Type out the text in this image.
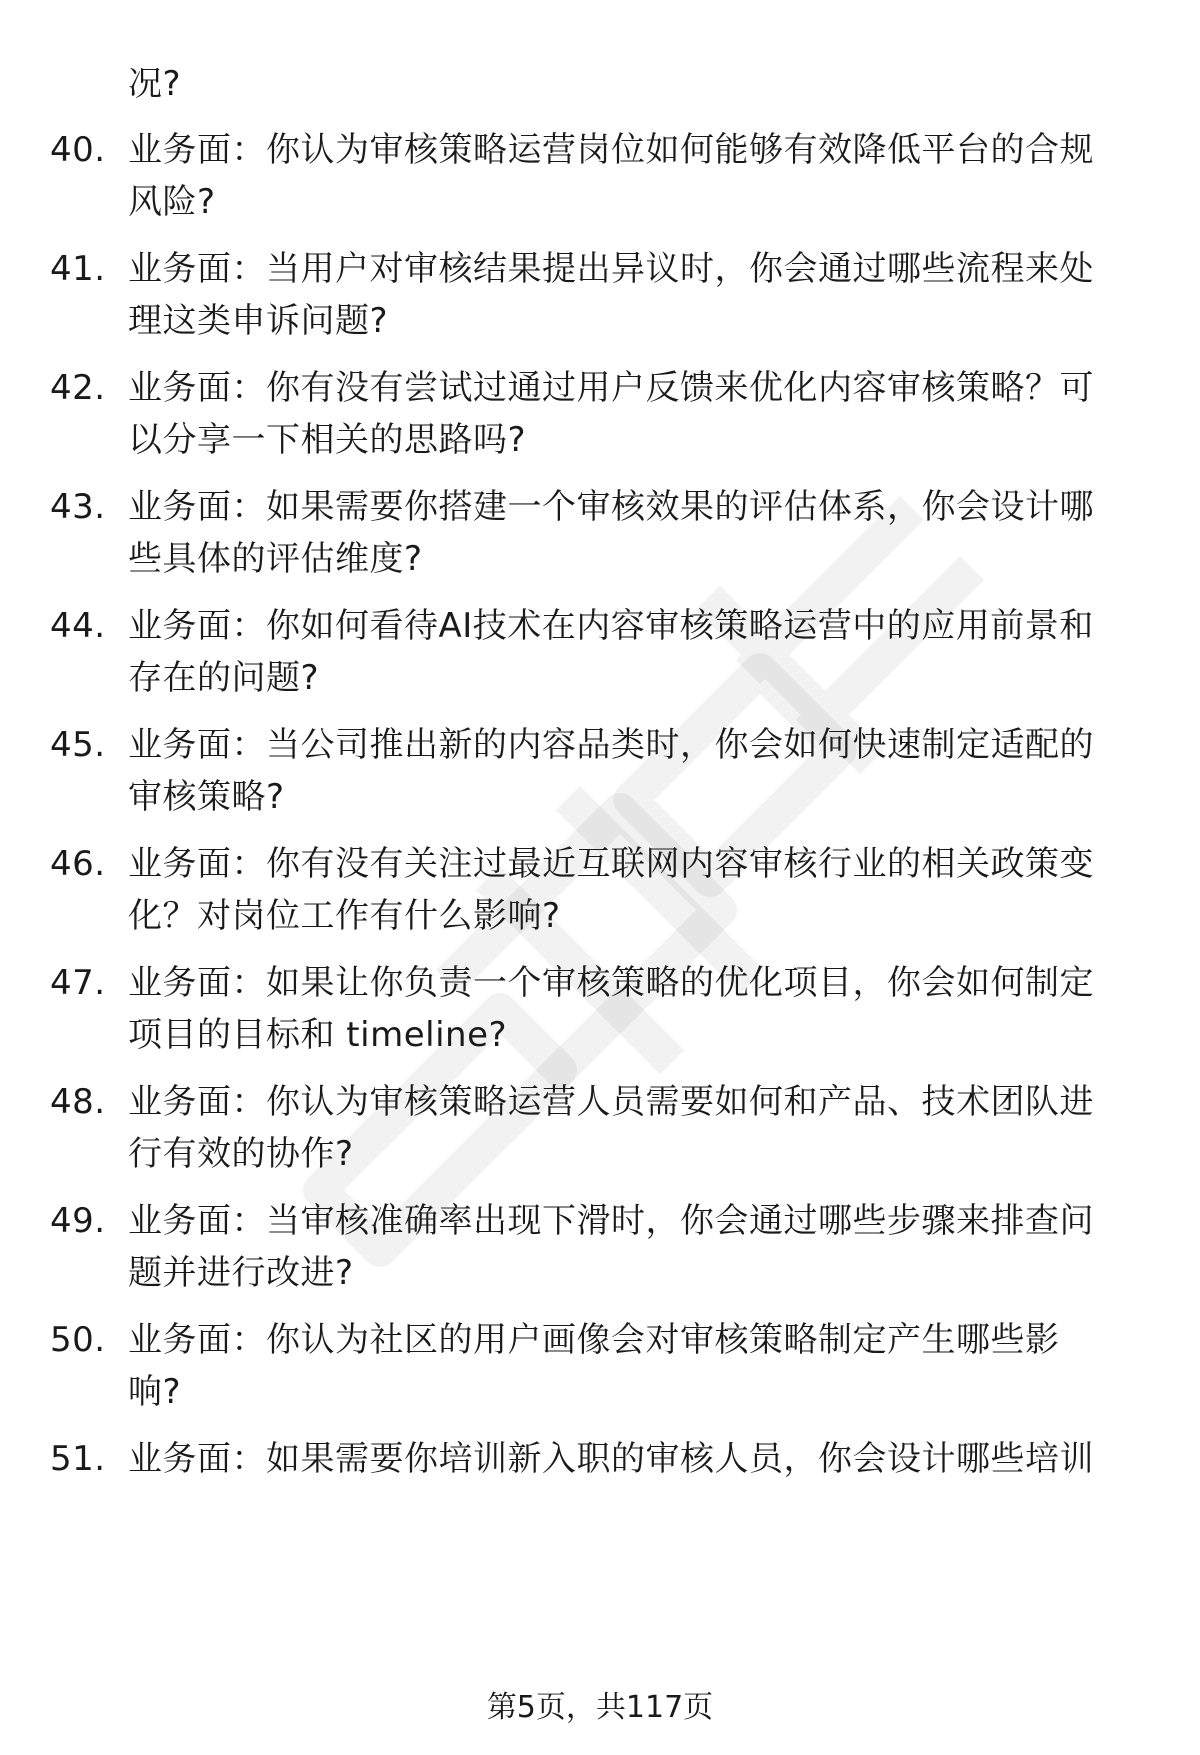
况?
40. 业务面：你认为审核策略运营岗位如何能够有效降低平台的合规
风险?
41. 业务面：当用户对审核结果提出异议时，你会通过哪些流程来处
理这类申诉问题?
42. 业务面：你有没有尝试过通过用户反馈来优化内容审核策略？可
以分享一下相关的思路吗?
43. 业务面：如果需要你搭建一个审核效果的评估体系，你会设计哪
些具体的评估维度?
44. 业务面：你如何看待AI技术在内容审核策略运营中的应用前景和
存在的问题?
45. 业务面：当公司推出新的内容品类时，你会如何快速制定适配的
审核策略?
46. 业务面：你有没有关注过最近互联网内容审核行业的相关政策变
化？对岗位工作有什么影响?
47. 业务面：如果让你负责一个审核策略的优化项目，你会如何制定
项目的目标和 timeline?
48. 业务面：你认为审核策略运营人员需要如何和产品、技术团队进
行有效的协作?
49. 业务面：当审核准确率出现下滑时，你会通过哪些步骤来排查问
题并进行改进?
50. 业务面：你认为社区的用户画像会对审核策略制定产生哪些影
响?
51. 业务面：如果需要你培训新入职的审核人员，你会设计哪些培训
第5页，共117页
